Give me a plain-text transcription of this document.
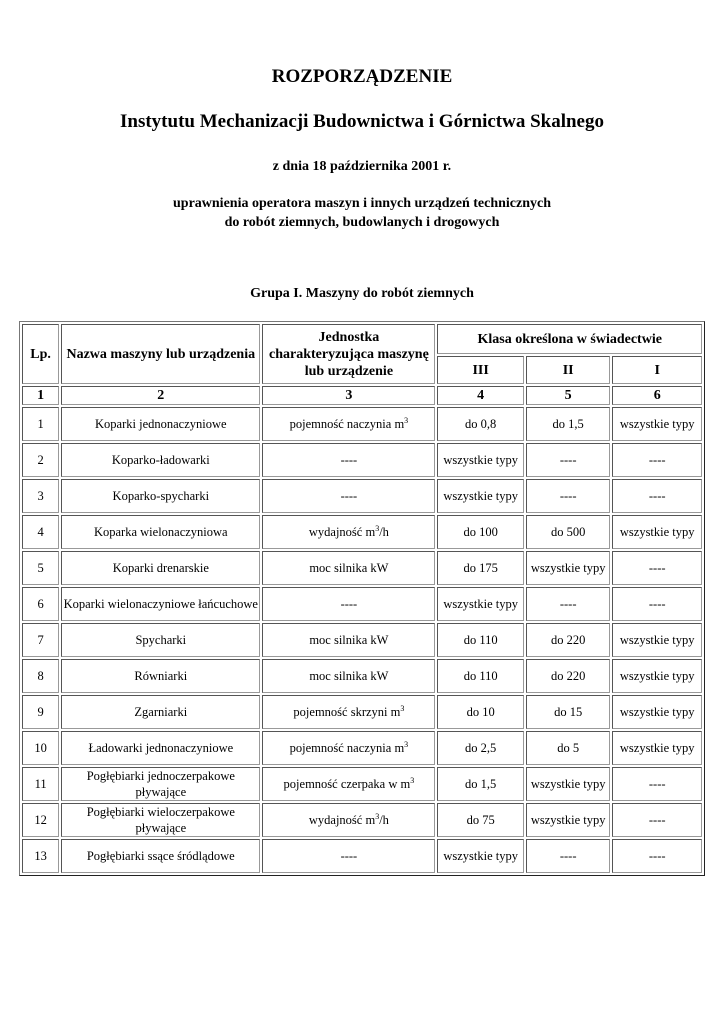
ROZPORZĄDZENIE
Instytutu Mechanizacji Budownictwa i Górnictwa Skalnego
z dnia 18 października 2001 r.
uprawnienia operatora maszyn i innych urządzeń technicznych
do robót ziemnych, budowlanych i drogowych
Grupa I. Maszyny do robót ziemnych
Lp.	Nazwa maszyny lub urządzenia	Jednostka charakteryzująca maszynę lub urządzenie	Klasa określona w świadectwie		
			III	II	I
1	2	3	4	5	6
1	Koparki jednonaczyniowe	pojemność naczynia $m^3$	do 0,8	do 1,5	wszystkie typy
2	Koparko-ładowarki	----	wszystkie typy	----	----
3	Koparko-spycharki	----	wszystkie typy	----	----
4	Koparka wielonaczyniowa	wydajność $m^3/h$	do 100	do 500	wszystkie typy
5	Koparki drenarskie	moc silnika kW	do 175	wszystkie typy	----
6	Koparki wielonaczyniowe łańcuchowe	----	wszystkie typy	----	----
7	Spycharki	moc silnika kW	do 110	do 220	wszystkie typy
8	Równiarki	moc silnika kW	do 110	do 220	wszystkie typy
9	Zgarniarki	pojemność skrzyni $m^3$	do 10	do 15	wszystkie typy
10	Ładowarki jednonaczyniowe	pojemność naczynia $m^3$	do 2,5	do 5	wszystkie typy
11	Pogłębiarki jednoczerpakowe pływające	pojemność czerpaka w $m^3$	do 1,5	wszystkie typy	----
12	Pogłębiarki wieloczerpakowe pływające	wydajność $m^3/h$	do 75	wszystkie typy	----
13	Pogłębiarki ssące śródlądowe	----	wszystkie typy	----	----
